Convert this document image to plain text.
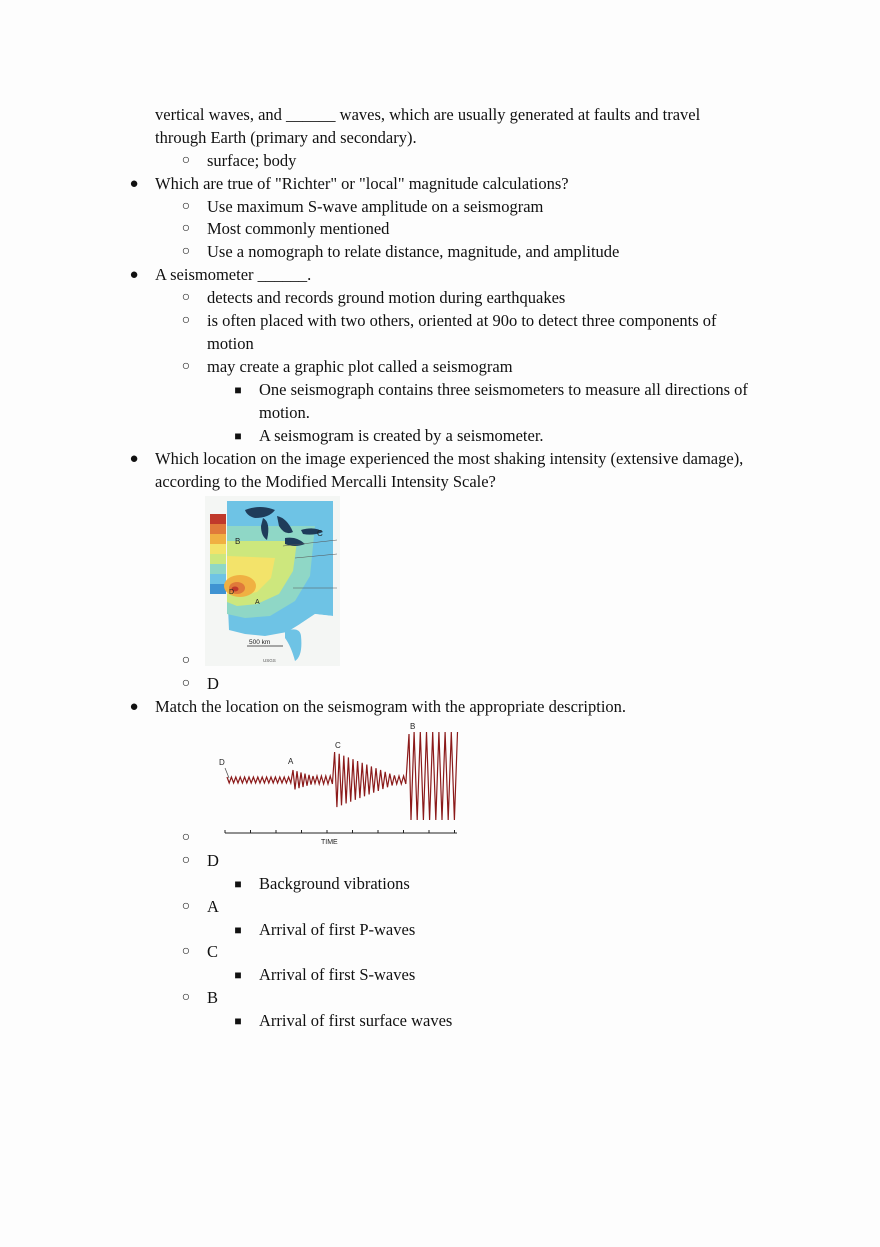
vertical waves, and ______ waves, which are usually generated at faults and travel
through Earth (primary and secondary).
○ surface; body
● Which are true of "Richter" or "local" magnitude calculations?
○ Use maximum S-wave amplitude on a seismogram
○ Most commonly mentioned
○ Use a nomograph to relate distance, magnitude, and amplitude
● A seismometer ______.
○ detects and records ground motion during earthquakes
○ is often placed with two others, oriented at 90o to detect three components of
motion
○ may create a graphic plot called a seismogram
■ One seismograph contains three seismometers to measure all directions of
motion.
■ A seismogram is created by a seismometer.
● Which location on the image experienced the most shaking intensity (extensive damage),
according to the Modified Mercalli Intensity Scale?
B
C
D
A
500 km
USGS
○
○ D
● Match the location on the seismogram with the appropriate description.
D	A
C
B
TIME
○
○ D
■ Background vibrations
○ A
■ Arrival of first P-waves
○ C
■ Arrival of first S-waves
○ B
■ Arrival of first surface waves
